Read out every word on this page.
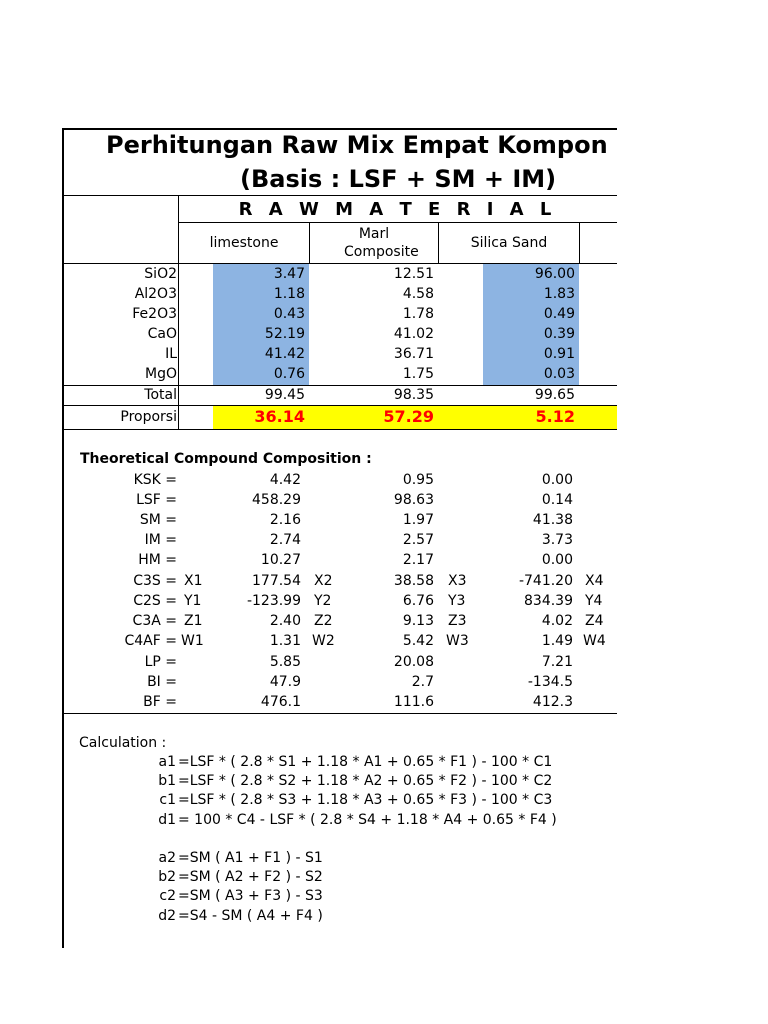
Perhitungan Raw Mix Empat Kompon
(Basis : LSF + SM + IM)
R A W M A T E R I A L
limestone
Marl Composite
Silica Sand
SiO2	3.47	12.51	96.00
Al2O3	1.18	4.58	1.83
Fe2O3	0.43	1.78	0.49
CaO	52.19	41.02	0.39
IL	41.42	36.71	0.91
MgO	0.76	1.75	0.03
Total	99.45	98.35	99.65
Proporsi	36.14	57.29	5.12
Theoretical Compound Composition :
KSK =	4.42	0.95	0.00
LSF =	458.29	98.63	0.14
SM =	2.16	1.97	41.38
IM =	2.74	2.57	3.73
HM =	10.27	2.17	0.00
C3S = X1	177.54 X2	38.58 X3	-741.20 X4
C2S = Y1	-123.99 Y2	6.76 Y3	834.39 Y4
C3A = Z1	2.40 Z2	9.13 Z3	4.02 Z4
C4AF = W1	1.31 W2	5.42 W3	1.49 W4
LP =	5.85	20.08	7.21
BI =	47.9	2.7	-134.5
BF =	476.1	111.6	412.3
Calculation :
a1 =LSF * ( 2.8 * S1 + 1.18 * A1 + 0.65 * F1 ) - 100 * C1
b1 =LSF * ( 2.8 * S2 + 1.18 * A2 + 0.65 * F2 ) - 100 * C2
c1 =LSF * ( 2.8 * S3 + 1.18 * A3 + 0.65 * F3 ) - 100 * C3
d1 = 100 * C4 - LSF * ( 2.8 * S4 + 1.18 * A4 + 0.65 * F4 )
a2 =SM ( A1 + F1 ) - S1
b2 =SM ( A2 + F2 ) - S2
c2 =SM ( A3 + F3 ) - S3
d2 =S4 - SM ( A4 + F4 )
